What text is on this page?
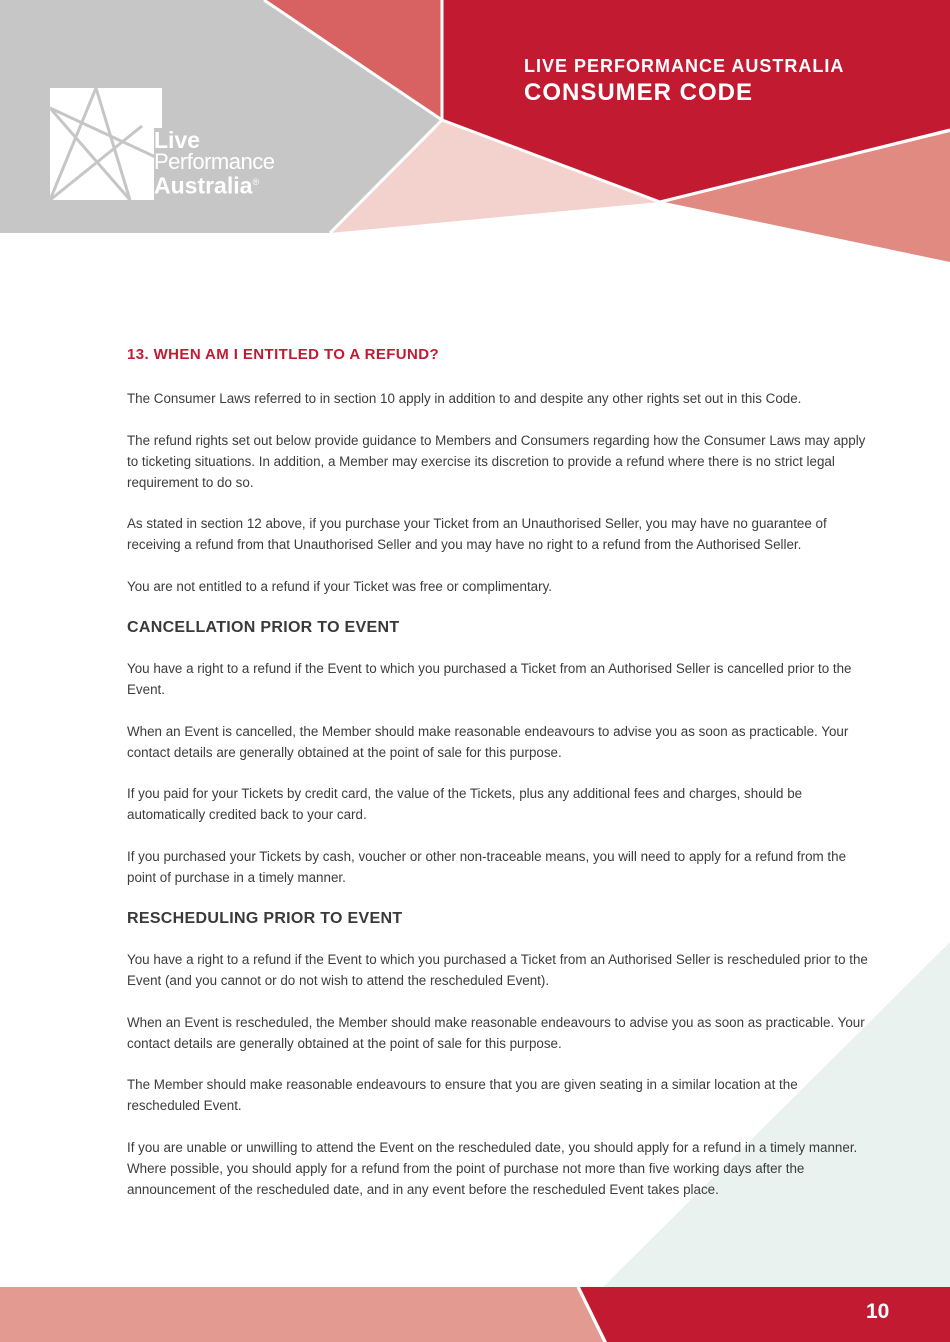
Live
Performance
Australia®
LIVE PERFORMANCE AUSTRALIA
CONSUMER CODE
13. WHEN AM I ENTITLED TO A REFUND?

The Consumer Laws referred to in section 10 apply in addition to and despite any other rights set out in this Code.

The refund rights set out below provide guidance to Members and Consumers regarding how the Consumer Laws may apply to ticketing situations. In addition, a Member may exercise its discretion to provide a refund where there is no strict legal requirement to do so.

As stated in section 12 above, if you purchase your Ticket from an Unauthorised Seller, you may have no guarantee of receiving a refund from that Unauthorised Seller and you may have no right to a refund from the Authorised Seller.

You are not entitled to a refund if your Ticket was free or complimentary.

CANCELLATION PRIOR TO EVENT

You have a right to a refund if the Event to which you purchased a Ticket from an Authorised Seller is cancelled prior to the Event.

When an Event is cancelled, the Member should make reasonable endeavours to advise you as soon as practicable. Your contact details are generally obtained at the point of sale for this purpose.

If you paid for your Tickets by credit card, the value of the Tickets, plus any additional fees and charges, should be automatically credited back to your card.

If you purchased your Tickets by cash, voucher or other non-traceable means, you will need to apply for a refund from the point of purchase in a timely manner.

RESCHEDULING PRIOR TO EVENT

You have a right to a refund if the Event to which you purchased a Ticket from an Authorised Seller is rescheduled prior to the Event (and you cannot or do not wish to attend the rescheduled Event).

When an Event is rescheduled, the Member should make reasonable endeavours to advise you as soon as practicable. Your contact details are generally obtained at the point of sale for this purpose.

The Member should make reasonable endeavours to ensure that you are given seating in a similar location at the rescheduled Event.

If you are unable or unwilling to attend the Event on the rescheduled date, you should apply for a refund in a timely manner. Where possible, you should apply for a refund from the point of purchase not more than five working days after the announcement of the rescheduled date, and in any event before the rescheduled Event takes place.

10
